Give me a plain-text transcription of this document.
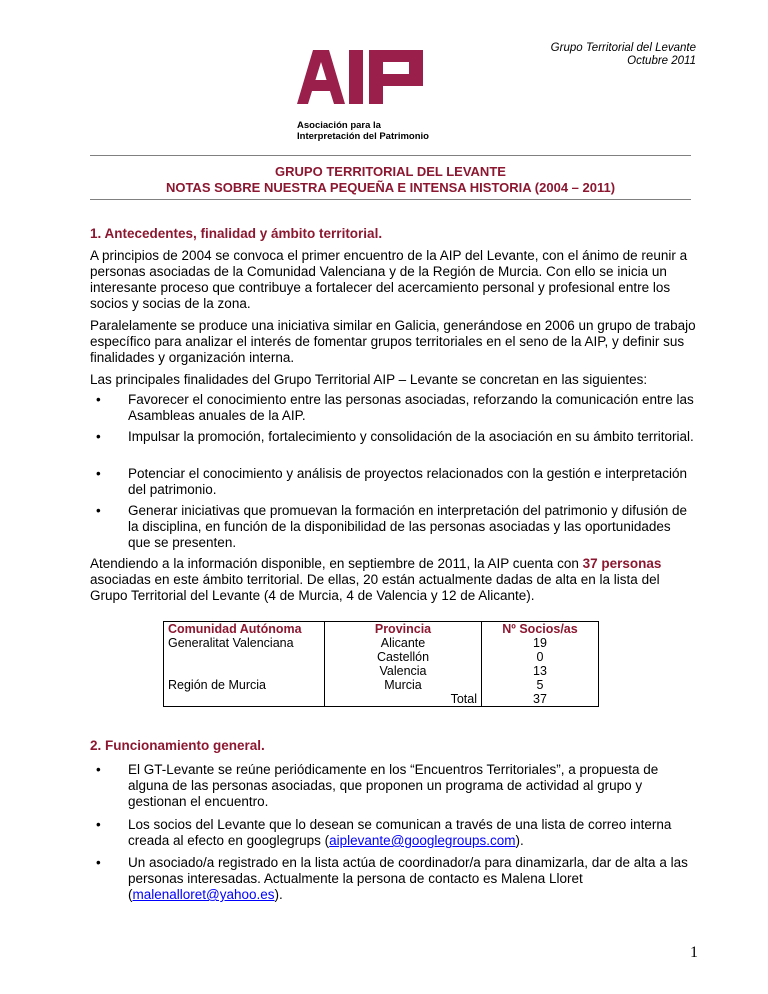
Grupo Territorial del Levante
Octubre 2011
Asociación para la
Interpretación del Patrimonio
GRUPO TERRITORIAL DEL LEVANTE
NOTAS SOBRE NUESTRA PEQUEÑA E INTENSA HISTORIA (2004 – 2011)
1. Antecedentes, finalidad y ámbito territorial.

A principios de 2004 se convoca el primer encuentro de la AIP del Levante, con el ánimo de reunir a personas asociadas de la Comunidad Valenciana y de la Región de Murcia. Con ello se inicia un interesante proceso que contribuye a fortalecer del acercamiento personal y profesional entre los socios y socias de la zona.

Paralelamente se produce una iniciativa similar en Galicia, generándose en 2006 un grupo de trabajo específico para analizar el interés de fomentar grupos territoriales en el seno de la AIP, y definir sus finalidades y organización interna.

Las principales finalidades del Grupo Territorial AIP – Levante se concretan en las siguientes:

•	Favorecer el conocimiento entre las personas asociadas, reforzando la comunicación entre las Asambleas anuales de la AIP.
•	Impulsar la promoción, fortalecimiento y consolidación de la asociación en su ámbito territorial.
•	Potenciar el conocimiento y análisis de proyectos relacionados con la gestión e interpretación del patrimonio.
•	Generar iniciativas que promuevan la formación en interpretación del patrimonio y difusión de la disciplina, en función de la disponibilidad de las personas asociadas y las oportunidades que se presenten.

Atendiendo a la información disponible, en septiembre de 2011, la AIP cuenta con 37 personas asociadas en este ámbito territorial. De ellas, 20 están actualmente dadas de alta en la lista del Grupo Territorial del Levante (4 de Murcia, 4 de Valencia y 12 de Alicante).

Comunidad Autónoma	Provincia	Nº Socios/as
Generalitat Valenciana	Alicante	19
	Castellón	0
	Valencia	13
Región de Murcia	Murcia	5
	Total	37
2. Funcionamiento general.
•	El GT-Levante se reúne periódicamente en los “Encuentros Territoriales”, a propuesta de alguna de las personas asociadas, que proponen un programa de actividad al grupo y gestionan el encuentro.
•	Los socios del Levante que lo desean se comunican a través de una lista de correo interna creada al efecto en googlegrups (aiplevante@googlegroups.com).
•	Un asociado/a registrado en la lista actúa de coordinador/a para dinamizarla, dar de alta a las personas interesadas. Actualmente la persona de contacto es Malena Lloret (malenalloret@yahoo.es).
1
